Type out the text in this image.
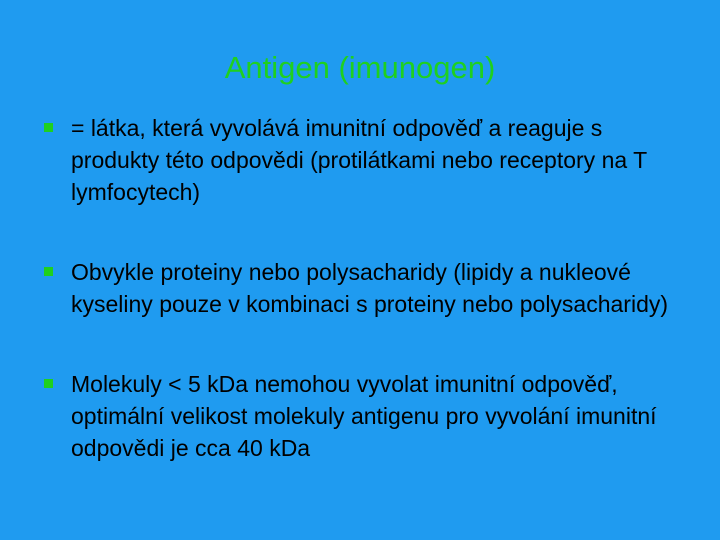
Antigen (imunogen)
= látka, která vyvolává imunitní odpověď a reaguje s produkty této odpovědi (protilátkami nebo receptory na T lymfocytech)
Obvykle proteiny nebo polysacharidy (lipidy a nukleové kyseliny pouze v kombinaci s proteiny nebo polysacharidy)
Molekuly < 5 kDa nemohou vyvolat imunitní odpověď, optimální velikost molekuly antigenu pro vyvolání imunitní odpovědi je cca 40 kDa
